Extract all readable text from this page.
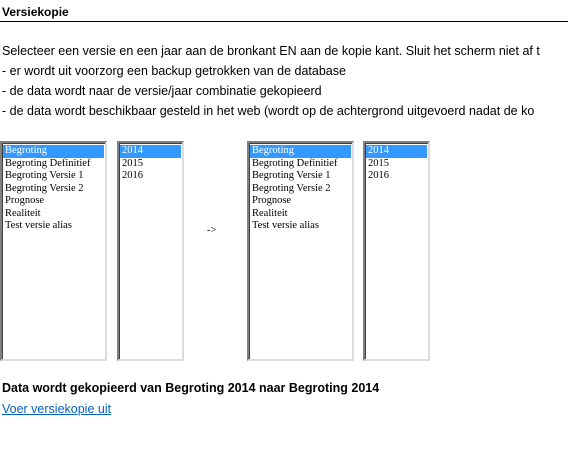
Versiekopie
Selecteer een versie en een jaar aan de bronkant EN aan de kopie kant. Sluit het scherm niet af t
- er wordt uit voorzorg een backup getrokken van de database
- de data wordt naar de versie/jaar combinatie gekopieerd
- de data wordt beschikbaar gesteld in het web (wordt op de achtergrond uitgevoerd nadat de ko
Begroting
Begroting Definitief
Begroting Versie 1
Begroting Versie 2
Prognose
Realiteit
Test versie alias
2014
2015
2016
->
Begroting
Begroting Definitief
Begroting Versie 1
Begroting Versie 2
Prognose
Realiteit
Test versie alias
2014
2015
2016
Data wordt gekopieerd van Begroting 2014 naar Begroting 2014
Voer versiekopie uit
